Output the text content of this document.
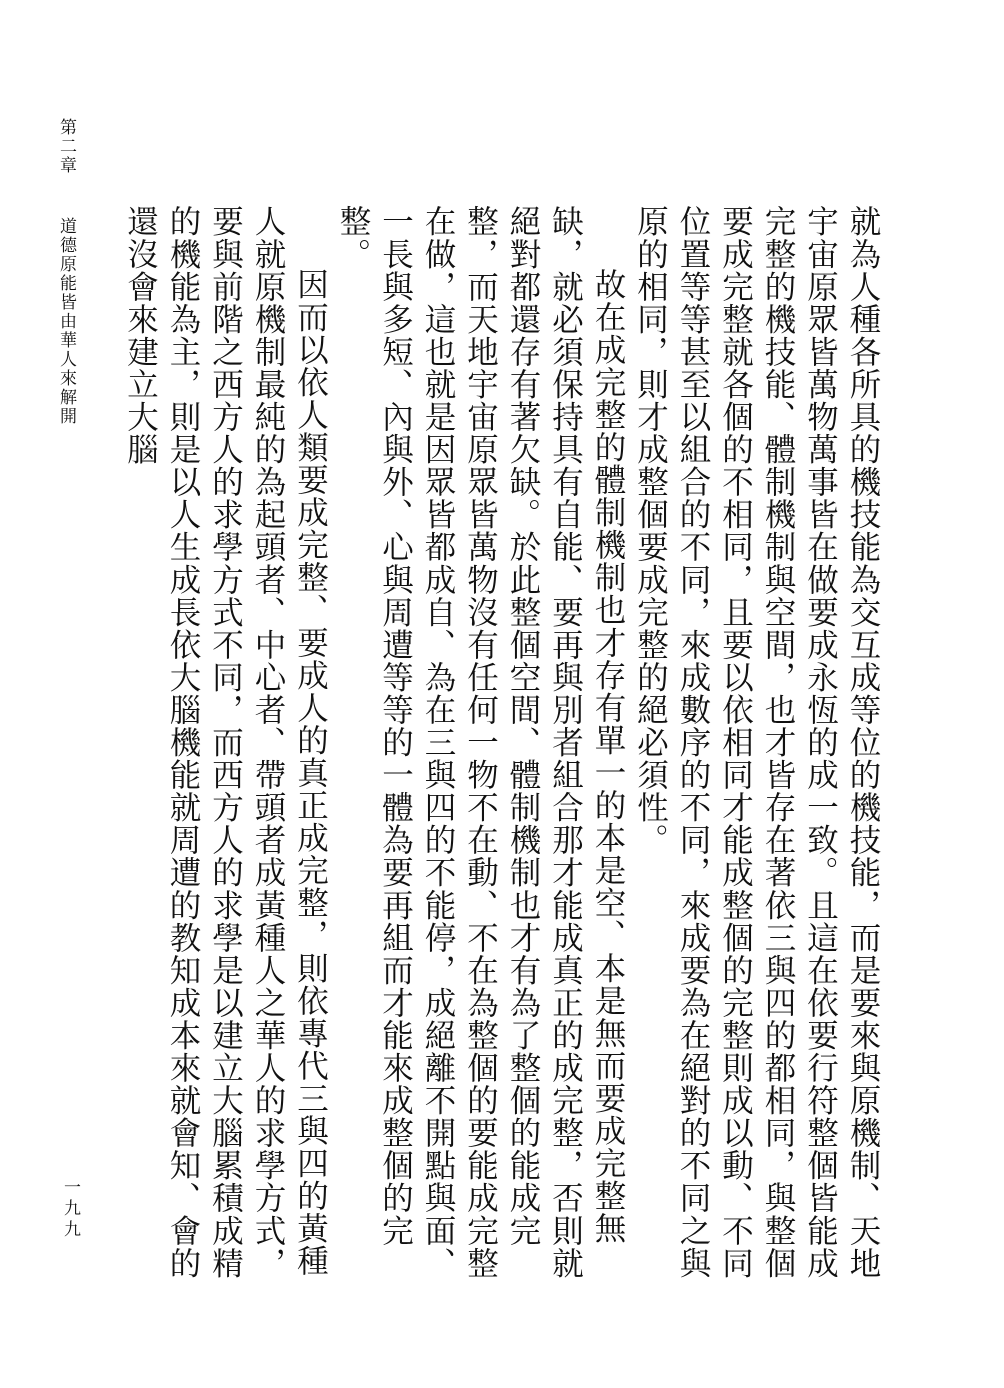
第二章道德原能皆由華人來解開
一九九	就為人種各所具的機技能為交互成等位的機技能，而是要來與原機制、天地宇宙原眾皆萬物萬事皆在做要成永恆的成一致。且這在依要行符整個皆能成完整的機技能、體制機制與空間，也才皆存在著依三與四的都相同，與整個要成完整就各個的不相同，且要以依相同才能成整個的完整則成以動、不同位置等等甚至以組合的不同，來成數序的不同，來成要為在絕對的不同之與原的相同，則才成整個要成完整的絕必須性。

故在成完整的體制機制也才存有單一的本是空、本是無而要成完整無缺，就必須保持具有自能、要再與別者組合那才能成真正的成完整，否則就絕對都還存有著欠缺。於此整個空間、體制機制也才有為了整個的能成完整，而天地宇宙原眾皆萬物沒有任何一物不在動、不在為整個的要能成完整在做，這也就是因眾皆都成自、為在三與四的不能停，成絕離不開點與面、一長與多短、內與外、心與周遭等等的一體為要再組而才能來成整個的完整。

因而以依人類要成完整、要成人的真正成完整，則依專代三與四的黃種人就原機制最純的為起頭者、中心者、帶頭者成黃種人之華人的求學方式，要與前階之西方人的求學方式不同，而西方人的求學是以建立大腦累積成精的機能為主，則是以人生成長依大腦機能就周遭的教知成本來就會知、會的還沒會來建立大腦
